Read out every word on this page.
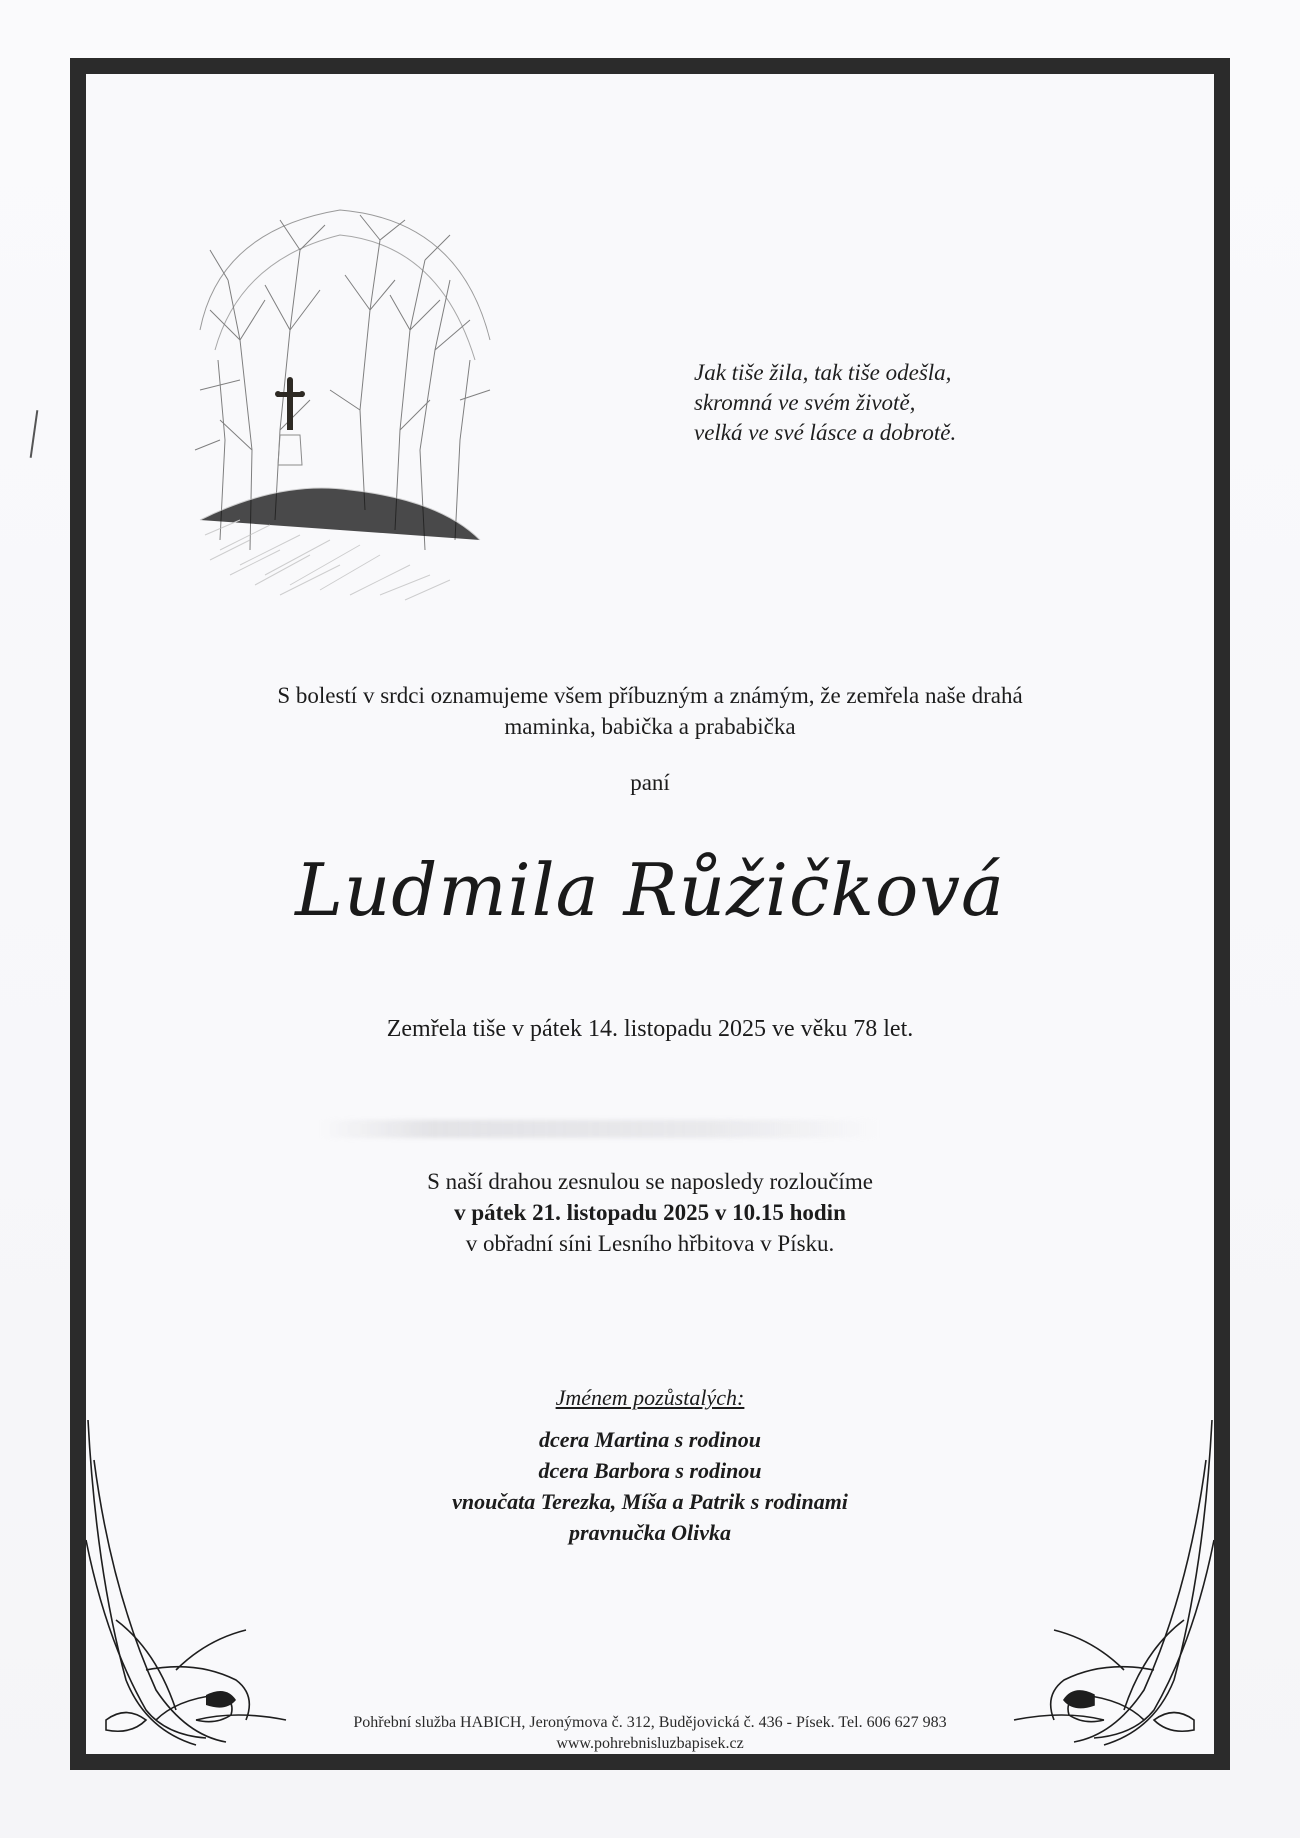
Jak tiše žila, tak tiše odešla,
skromná ve svém životě,
velká ve své lásce a dobrotě.
S bolestí v srdci oznamujeme všem příbuzným a známým, že zemřela naše drahá
maminka, babička a prababička
paní
Ludmila Růžičková
Zemřela tiše v pátek 14. listopadu 2025 ve věku 78 let.
S naší drahou zesnulou se naposledy rozloučíme
v pátek 21. listopadu 2025 v 10.15 hodin
v obřadní síni Lesního hřbitova v Písku.
Jménem pozůstalých:
dcera Martina s rodinou
dcera Barbora s rodinou
vnoučata Terezka, Míša a Patrik s rodinami
pravnučka Olivka
Pohřební služba HABICH, Jeronýmova č. 312, Budějovická č. 436 - Písek. Tel. 606 627 983
www.pohrebnisluzbapisek.cz
